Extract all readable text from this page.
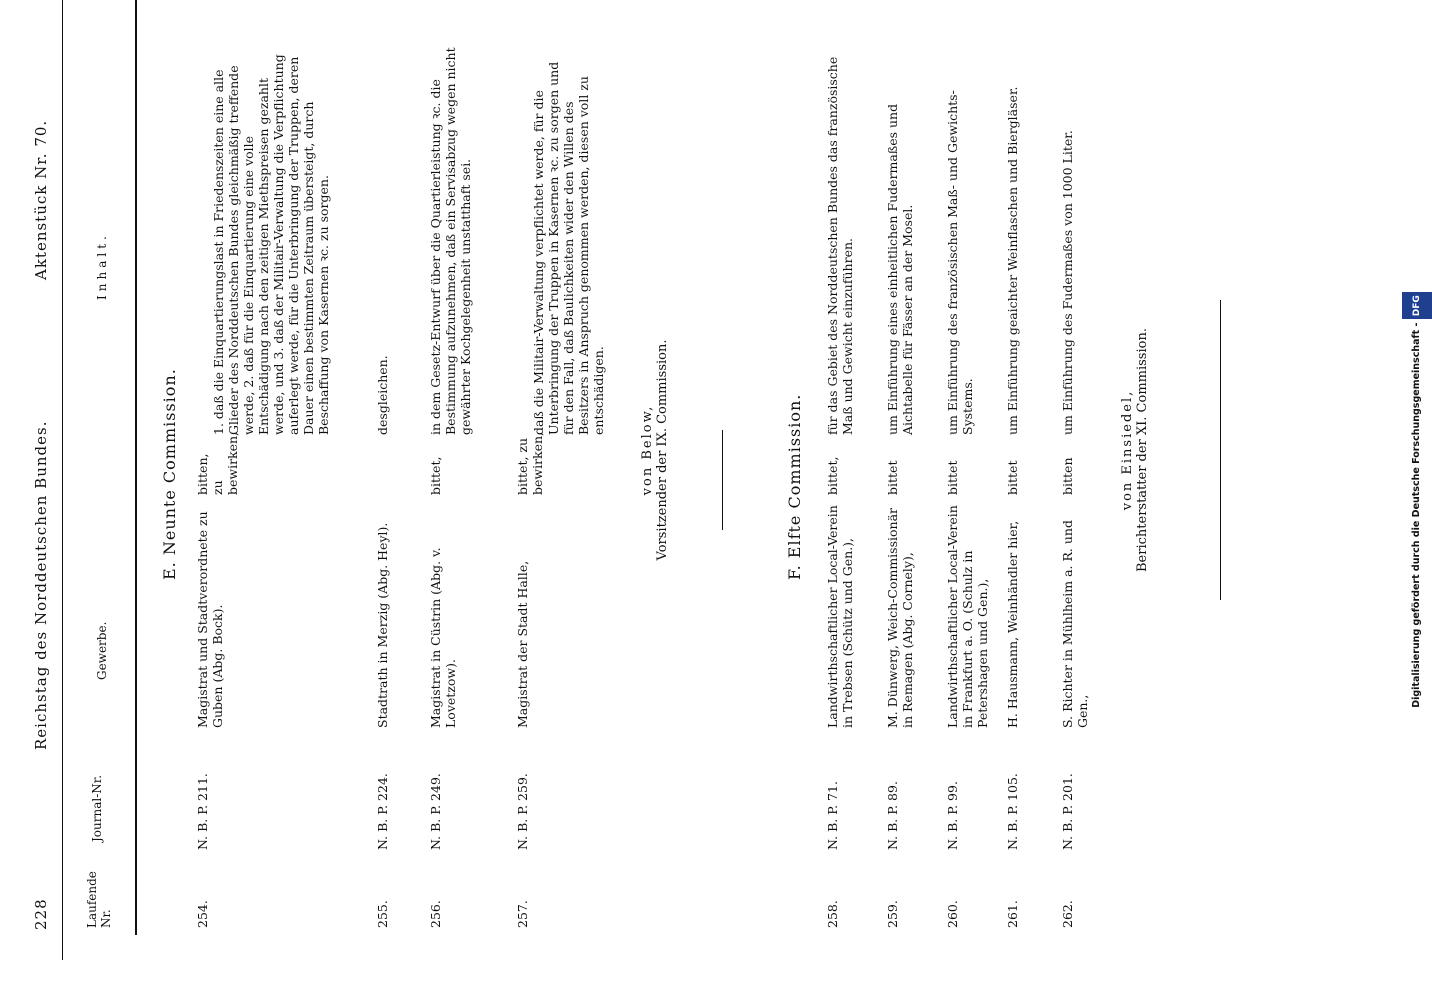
228
Reichstag des Norddeutschen Bundes.
Aktenstück Nr. 70.
Laufende Nr.
Journal-Nr.
Gewerbe.
Inhalt.
E. Neunte Commission.
254.
N. B. P. 211.
Magistrat und Stadtverordnete zu Guben (Abg. Bock).
bitten, zu bewirken,
1. daß die Einquartierungslast in Friedenszeiten eine alle Glieder des Norddeutschen Bundes gleichmäßig treffende werde, 2. daß für die Einquartierung eine volle Entschädigung nach den zeitigen Miethspreisen gezahlt werde, und 3. daß der Militair-Verwaltung die Verpflichtung auferlegt werde, für die Unterbringung der Truppen, deren Dauer einen bestimmten Zeitraum übersteigt, durch Beschaffung von Kasernen ꝛc. zu sorgen.
255.
N. B. P. 224.
Stadtrath in Merzig (Abg. Heyl).
desgleichen.
256.
N. B. P. 249.
Magistrat in Cüstrin (Abg. v. Lovetzow).
bittet,
in dem Gesetz-Entwurf über die Quartierleistung ꝛc. die Bestimmung aufzunehmen, daß ein Servisabzug wegen nicht gewährter Kochgelegenheit unstatthaft sei.
257.
N. B. P. 259.
Magistrat der Stadt Halle,
bittet, zu bewirken,
daß die Militair-Verwaltung verpflichtet werde, für die Unterbringung der Truppen in Kasernen ꝛc. zu sorgen und für den Fall, daß Baulichkeiten wider den Willen des Besitzers in Anspruch genommen werden, diesen voll zu entschädigen.
von Below, Vorsitzender der IX. Commission.	F. Elfte Commission.
258.
N. B. P. 71.
Landwirthschaftlicher Local-Verein in Trebsen (Schütz und Gen.),
bittet,
für das Gebiet des Norddeutschen Bundes das französische Maß und Gewicht einzuführen.
259.
N. B. P. 89.
M. Dünwerg, Weich-Commissionär in Remagen (Abg. Cornely),
bittet
um Einführung eines einheitlichen Fudermaßes und Aichtabelle für Fässer an der Mosel.
260.
N. B. P. 99.
Landwirthschaftlicher Local-Verein in Frankfurt a. O. (Schulz in Petershagen und Gen.),
bittet
um Einführung des französischen Maß- und Gewichts-Systems.
261.
N. B. P. 105.
H. Hausmann, Weinhändler hier,
bittet
um Einführung geaichter Weinflaschen und Biergläser.
262.
N. B. P. 201.
S. Richter in Mühlheim a. R. und Gen.,
bitten
um Einführung des Fudermaßes von 1000 Liter.
von Einsiedel, Berichterstatter der XI. Commission.	Digitalisierung gefördert durch die Deutsche Forschungsgemeinschaft - DFG
